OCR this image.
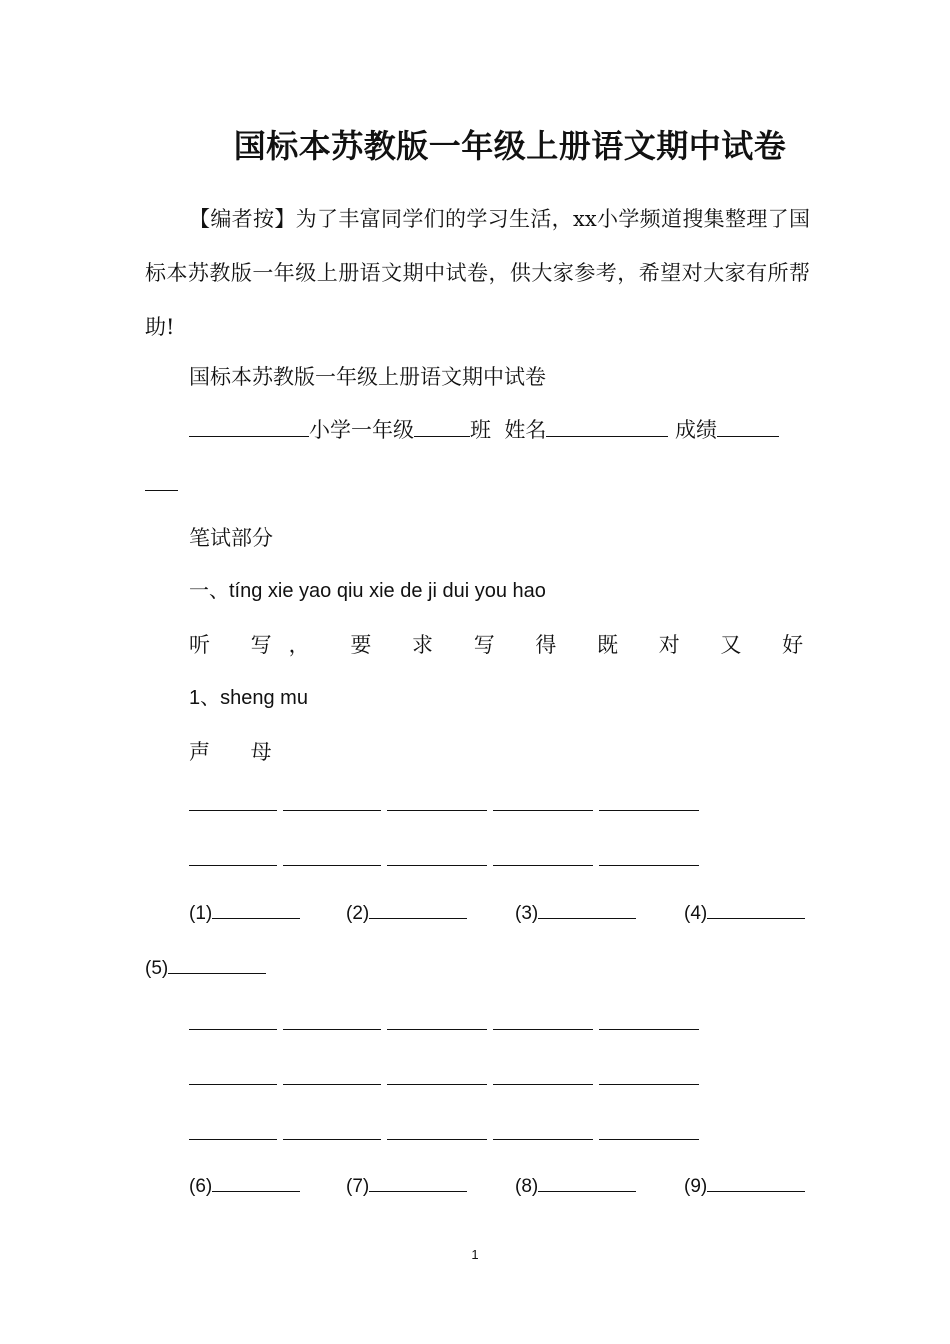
国标本苏教版一年级上册语文期中试卷
【编者按】为了丰富同学们的学习生活，xx小学频道搜集整理了国标本苏教版一年级上册语文期中试卷，供大家参考，希望对大家有所帮助!
国标本苏教版一年级上册语文期中试卷
小学一年级	班 姓名	成绩
笔试部分
一、tíng xie yao qiu xie de ji dui you hao
听 写， 要 求 写 得 既 对 又 好
1、sheng mu
声 母
(1)	(2)	(3)	(4)
(5)
(6)	(7)	(8)	(9)
1
